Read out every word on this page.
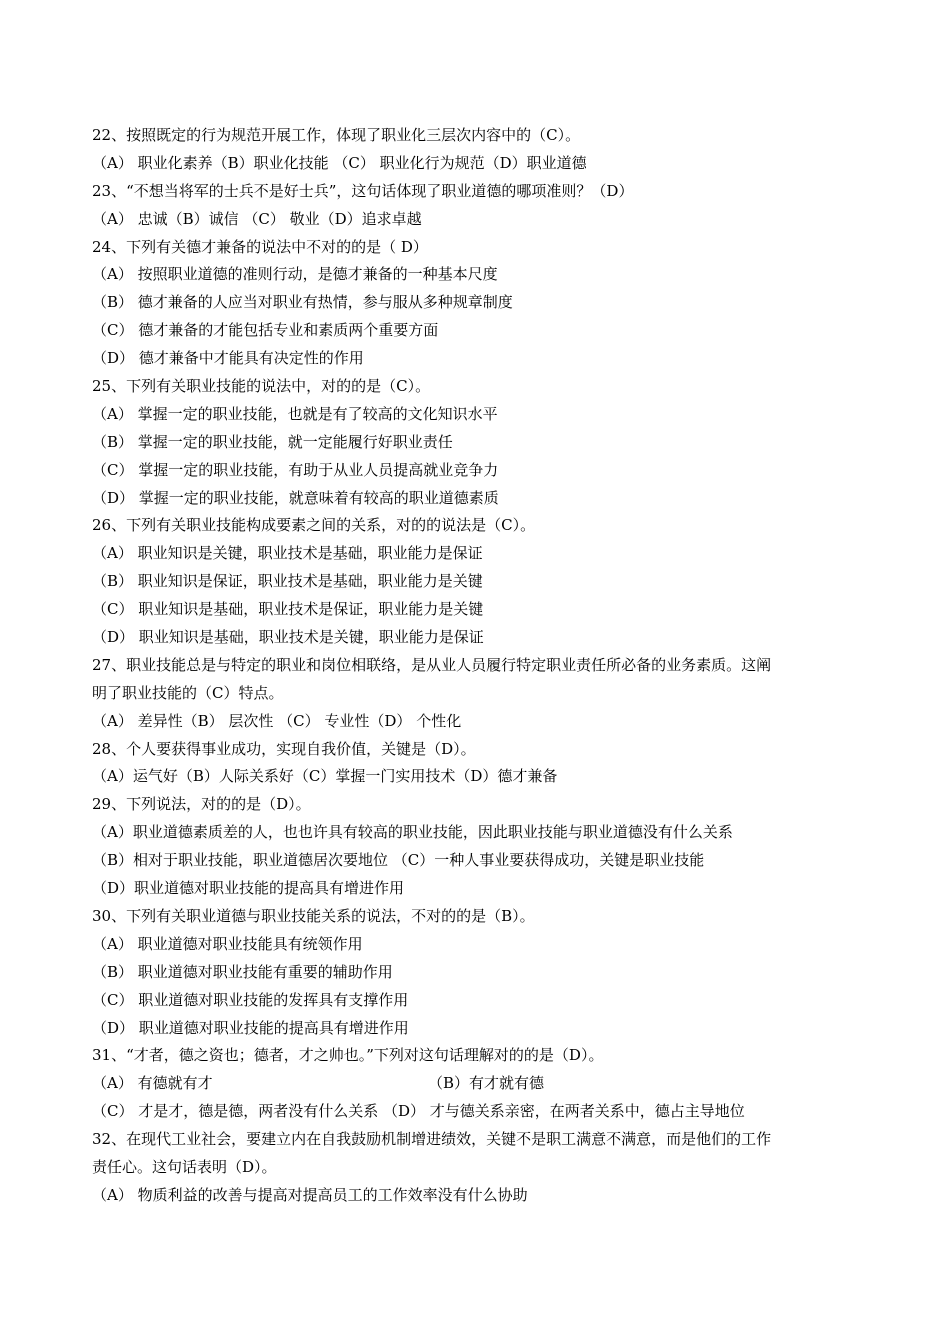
22、按照既定的行为规范开展工作，体现了职业化三层次内容中的（C）。
（A） 职业化素养（B）职业化技能 （C） 职业化行为规范（D）职业道德
23、“不想当将军的士兵不是好士兵”，这句话体现了职业道德的哪项准则？（D）
（A） 忠诚（B）诚信 （C） 敬业（D）追求卓越
24、下列有关德才兼备的说法中不对的的是（ D）
（A） 按照职业道德的准则行动，是德才兼备的一种基本尺度
（B） 德才兼备的人应当对职业有热情，参与服从多种规章制度
（C） 德才兼备的才能包括专业和素质两个重要方面
（D） 德才兼备中才能具有决定性的作用
25、下列有关职业技能的说法中，对的的是（C）。
（A） 掌握一定的职业技能，也就是有了较高的文化知识水平
（B） 掌握一定的职业技能，就一定能履行好职业责任
（C） 掌握一定的职业技能，有助于从业人员提高就业竞争力
（D） 掌握一定的职业技能，就意味着有较高的职业道德素质
26、下列有关职业技能构成要素之间的关系，对的的说法是（C）。
（A） 职业知识是关键，职业技术是基础，职业能力是保证
（B） 职业知识是保证，职业技术是基础，职业能力是关键
（C） 职业知识是基础，职业技术是保证，职业能力是关键
（D） 职业知识是基础，职业技术是关键，职业能力是保证
27、职业技能总是与特定的职业和岗位相联络，是从业人员履行特定职业责任所必备的业务素质。这阐
明了职业技能的（C）特点。
（A） 差异性（B） 层次性 （C） 专业性（D） 个性化
28、个人要获得事业成功，实现自我价值，关键是（D）。
（A）运气好（B）人际关系好（C）掌握一门实用技术（D）德才兼备
29、下列说法，对的的是（D）。
（A）职业道德素质差的人，也也许具有较高的职业技能，因此职业技能与职业道德没有什么关系
（B）相对于职业技能，职业道德居次要地位 （C）一种人事业要获得成功，关键是职业技能
（D）职业道德对职业技能的提高具有增进作用
30、下列有关职业道德与职业技能关系的说法，不对的的是（B）。
（A） 职业道德对职业技能具有统领作用
（B） 职业道德对职业技能有重要的辅助作用
（C） 职业道德对职业技能的发挥具有支撑作用
（D） 职业道德对职业技能的提高具有增进作用
31、“才者，德之资也；德者，才之帅也。”下列对这句话理解对的的是（D）。
（A） 有德就有才	（B）有才就有德
（C） 才是才，德是德，两者没有什么关系 （D） 才与德关系亲密，在两者关系中，德占主导地位
32、在现代工业社会，要建立内在自我鼓励机制增进绩效，关键不是职工满意不满意，而是他们的工作
责任心。这句话表明（D）。
（A） 物质利益的改善与提高对提高员工的工作效率没有什么协助
